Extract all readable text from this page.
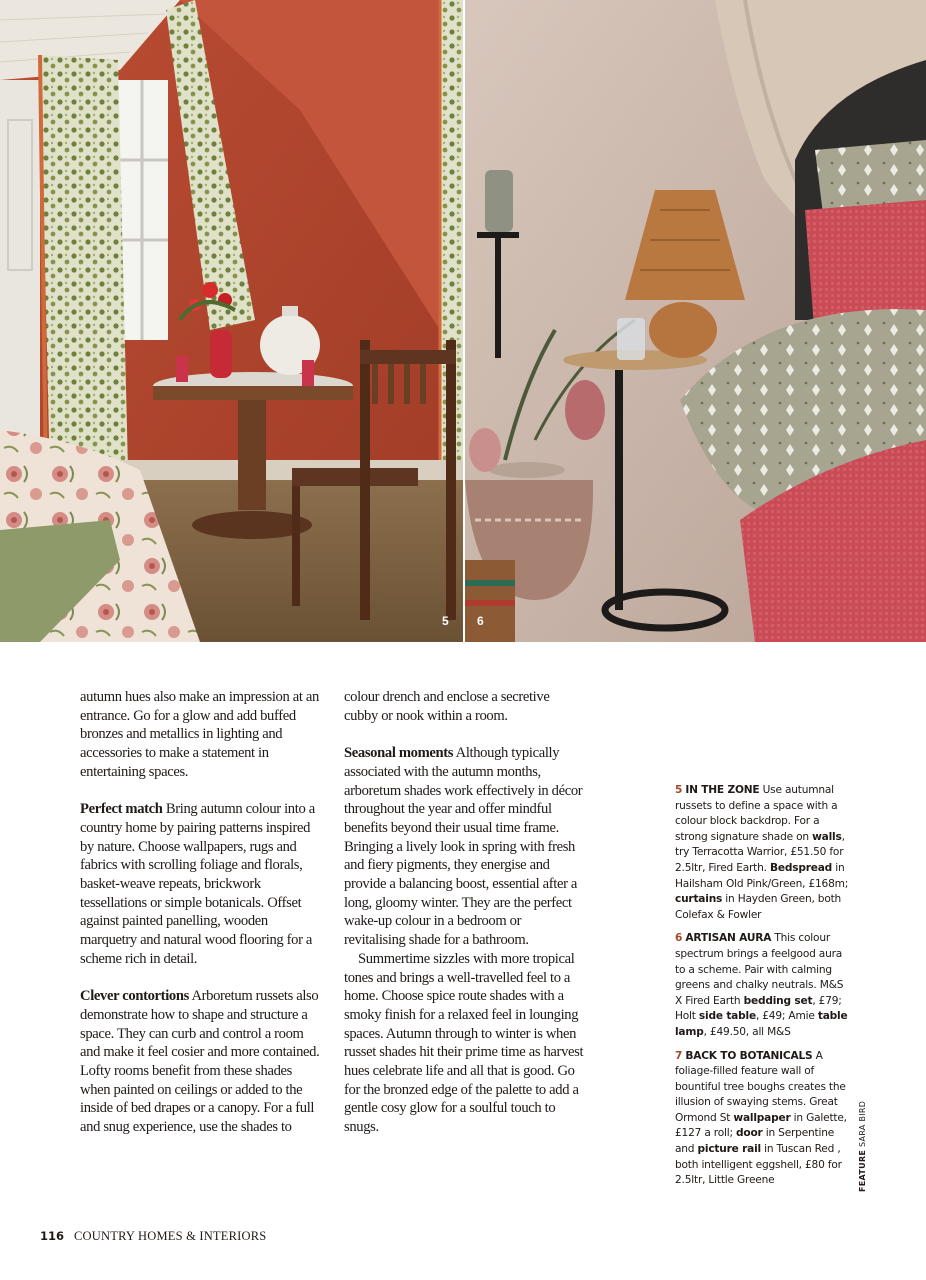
5 6

autumn hues also make an impression at an entrance. Go for a glow and add buffed bronzes and metallics in lighting and accessories to make a statement in entertaining spaces.

Perfect match Bring autumn colour into a country home by pairing patterns inspired by nature. Choose wallpapers, rugs and fabrics with scrolling foliage and florals, basket-weave repeats, brickwork tessellations or simple botanicals. Offset against painted panelling, wooden marquetry and natural wood flooring for a scheme rich in detail.

Clever contortions Arboretum russets also demonstrate how to shape and structure a space. They can curb and control a room and make it feel cosier and more contained. Lofty rooms benefit from these shades when painted on ceilings or added to the inside of bed drapes or a canopy. For a full and snug experience, use the shades to

colour drench and enclose a secretive cubby or nook within a room.

Seasonal moments Although typically associated with the autumn months, arboretum shades work effectively in décor throughout the year and offer mindful benefits beyond their usual time frame. Bringing a lively look in spring with fresh and fiery pigments, they energise and provide a balancing boost, essential after a long, gloomy winter. They are the perfect wake-up colour in a bedroom or revitalising shade for a bathroom.

Summertime sizzles with more tropical tones and brings a well-travelled feel to a home. Choose spice route shades with a smoky finish for a relaxed feel in lounging spaces. Autumn through to winter is when russet shades hit their prime time as harvest hues celebrate life and all that is good. Go for the bronzed edge of the palette to add a gentle cosy glow for a soulful touch to snugs.

5 IN THE ZONE Use autumnal russets to define a space with a colour block backdrop. For a strong signature shade on walls, try Terracotta Warrior, £51.50 for 2.5ltr, Fired Earth. Bedspread in Hailsham Old Pink/Green, £168m; curtains in Hayden Green, both Colefax & Fowler

6 ARTISAN AURA This colour spectrum brings a feelgood aura to a scheme. Pair with calming greens and chalky neutrals. M&S X Fired Earth bedding set, £79; Holt side table, £49; Amie table lamp, £49.50, all M&S

7 BACK TO BOTANICALS A foliage-filled feature wall of bountiful tree boughs creates the illusion of swaying stems. Great Ormond St wallpaper in Galette, £127 a roll; door in Serpentine and picture rail in Tuscan Red , both intelligent eggshell, £80 for 2.5ltr, Little Greene	FEATURE SARA BIRD
116 COUNTRY HOMES & INTERIORS
